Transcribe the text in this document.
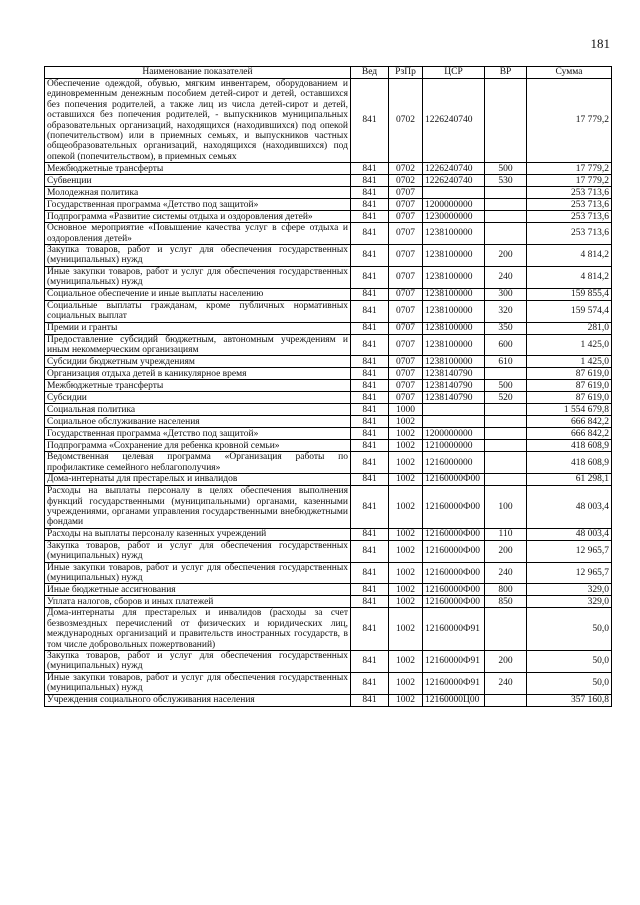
181
Наименование показателей	Вед	РзПр	ЦСР	ВР	Сумма
Обеспечение одеждой, обувью, мягким инвентарем, оборудованием и единовременным денежным пособием детей-сирот и детей, оставшихся без попечения родителей, а также лиц из числа детей-сирот и детей, оставшихся без попечения родителей, - выпускников муниципальных образовательных организаций, находящихся (находившихся) под опекой (попечительством) или в приемных семьях, и выпускников частных общеобразовательных организаций, находящихся (находившихся) под опекой (попечительством), в приемных семьях	841	0702	1226240740		17 779,2
Межбюджетные трансферты	841	0702	1226240740	500	17 779,2
Субвенции	841	0702	1226240740	530	17 779,2
Молодежная политика	841	0707			253 713,6
Государственная программа «Детство под защитой»	841	0707	1200000000		253 713,6
Подпрограмма «Развитие системы отдыха и оздоровления детей»	841	0707	1230000000		253 713,6
Основное мероприятие «Повышение качества услуг в сфере отдыха и оздоровления детей»	841	0707	1238100000		253 713,6
Закупка товаров, работ и услуг для обеспечения государственных (муниципальных) нужд	841	0707	1238100000	200	4 814,2
Иные закупки товаров, работ и услуг для обеспечения государственных (муниципальных) нужд	841	0707	1238100000	240	4 814,2
Социальное обеспечение и иные выплаты населению	841	0707	1238100000	300	159 855,4
Социальные выплаты гражданам, кроме публичных нормативных социальных выплат	841	0707	1238100000	320	159 574,4
Премии и гранты	841	0707	1238100000	350	281,0
Предоставление субсидий бюджетным, автономным учреждениям и иным некоммерческим организациям	841	0707	1238100000	600	1 425,0
Субсидии бюджетным учреждениям	841	0707	1238100000	610	1 425,0
Организация отдыха детей в каникулярное время	841	0707	1238140790		87 619,0
Межбюджетные трансферты	841	0707	1238140790	500	87 619,0
Субсидии	841	0707	1238140790	520	87 619,0
Социальная политика	841	1000			1 554 679,8
Социальное обслуживание населения	841	1002			666 842,2
Государственная программа «Детство под защитой»	841	1002	1200000000		666 842,2
Подпрограмма «Сохранение для ребенка кровной семьи»	841	1002	1210000000		418 608,9
Ведомственная целевая программа «Организация работы по профилактике семейного неблагополучия»	841	1002	1216000000		418 608,9
Дома-интернаты для престарелых и инвалидов	841	1002	12160000Ф00		61 298,1
Расходы на выплаты персоналу в целях обеспечения выполнения функций государственными (муниципальными) органами, казенными учреждениями, органами управления государственными внебюджетными фондами	841	1002	12160000Ф00	100	48 003,4
Расходы на выплаты персоналу казенных учреждений	841	1002	12160000Ф00	110	48 003,4
Закупка товаров, работ и услуг для обеспечения государственных (муниципальных) нужд	841	1002	12160000Ф00	200	12 965,7
Иные закупки товаров, работ и услуг для обеспечения государственных (муниципальных) нужд	841	1002	12160000Ф00	240	12 965,7
Иные бюджетные ассигнования	841	1002	12160000Ф00	800	329,0
Уплата налогов, сборов и иных платежей	841	1002	12160000Ф00	850	329,0
Дома-интернаты для престарелых и инвалидов (расходы за счет безвозмездных перечислений от физических и юридических лиц, международных организаций и правительств иностранных государств, в том числе добровольных пожертвований)	841	1002	12160000Ф91		50,0
Закупка товаров, работ и услуг для обеспечения государственных (муниципальных) нужд	841	1002	12160000Ф91	200	50,0
Иные закупки товаров, работ и услуг для обеспечения государственных (муниципальных) нужд	841	1002	12160000Ф91	240	50,0
Учреждения социального обслуживания населения	841	1002	12160000Ц00		357 160,8
